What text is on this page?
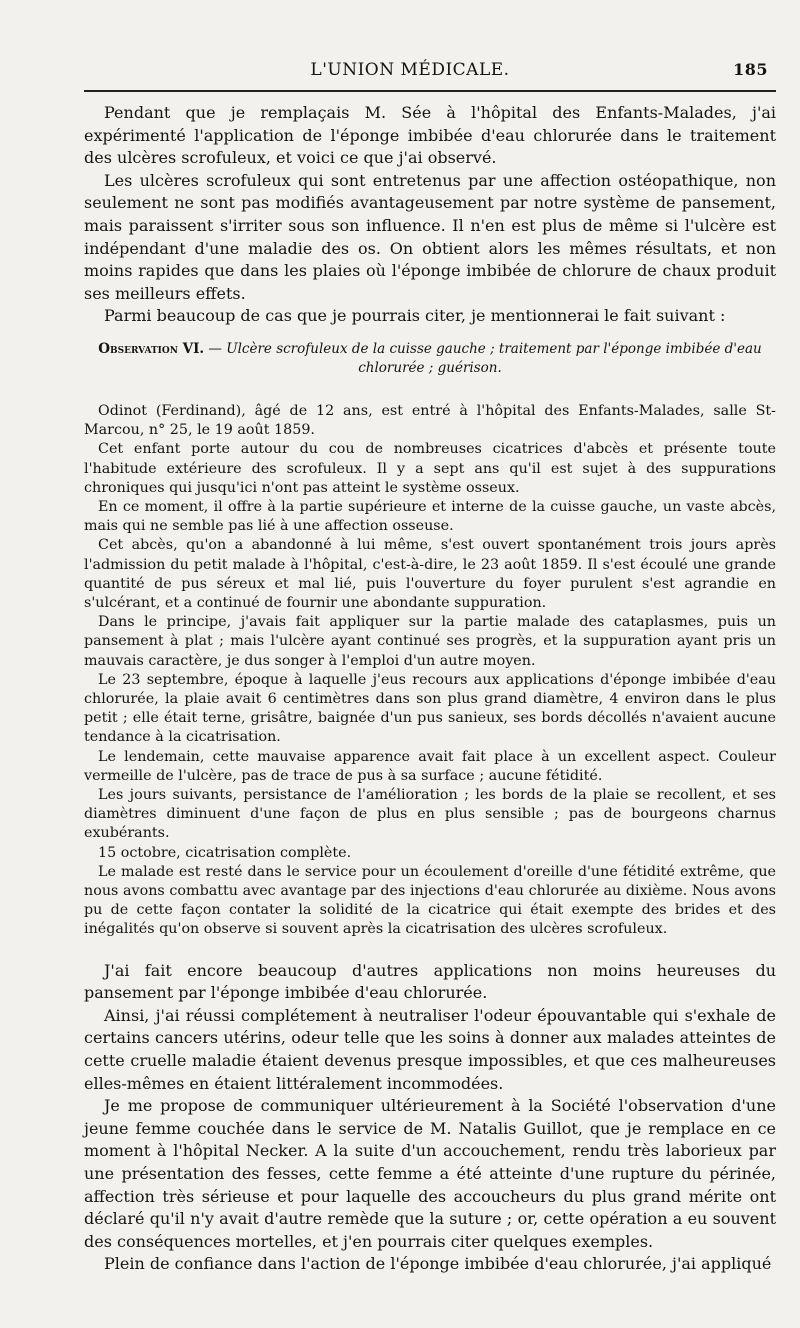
L'UNION MÉDICALE.	185

Pendant que je remplaçais M. Sée à l'hôpital des Enfants-Malades, j'ai expérimenté l'application de l'éponge imbibée d'eau chlorurée dans le traitement des ulcères scrofuleux, et voici ce que j'ai observé.

Les ulcères scrofuleux qui sont entretenus par une affection ostéopathique, non seulement ne sont pas modifiés avantageusement par notre système de pansement, mais paraissent s'irriter sous son influence. Il n'en est plus de même si l'ulcère est indépendant d'une maladie des os. On obtient alors les mêmes résultats, et non moins rapides que dans les plaies où l'éponge imbibée de chlorure de chaux produit ses meilleurs effets.

Parmi beaucoup de cas que je pourrais citer, je mentionnerai le fait suivant :

Observation VI. — Ulcère scrofuleux de la cuisse gauche ; traitement par l'éponge imbibée d'eau chlorurée ; guérison.

Odinot (Ferdinand), âgé de 12 ans, est entré à l'hôpital des Enfants-Malades, salle St-Marcou, n° 25, le 19 août 1859.

Cet enfant porte autour du cou de nombreuses cicatrices d'abcès et présente toute l'habitude extérieure des scrofuleux. Il y a sept ans qu'il est sujet à des suppurations chroniques qui jusqu'ici n'ont pas atteint le système osseux.

En ce moment, il offre à la partie supérieure et interne de la cuisse gauche, un vaste abcès, mais qui ne semble pas lié à une affection osseuse.

Cet abcès, qu'on a abandonné à lui même, s'est ouvert spontanément trois jours après l'admission du petit malade à l'hôpital, c'est-à-dire, le 23 août 1859. Il s'est écoulé une grande quantité de pus séreux et mal lié, puis l'ouverture du foyer purulent s'est agrandie en s'ulcérant, et a continué de fournir une abondante suppuration.

Dans le principe, j'avais fait appliquer sur la partie malade des cataplasmes, puis un pansement à plat ; mais l'ulcère ayant continué ses progrès, et la suppuration ayant pris un mauvais caractère, je dus songer à l'emploi d'un autre moyen.

Le 23 septembre, époque à laquelle j'eus recours aux applications d'éponge imbibée d'eau chlorurée, la plaie avait 6 centimètres dans son plus grand diamètre, 4 environ dans le plus petit ; elle était terne, grisâtre, baignée d'un pus sanieux, ses bords décollés n'avaient aucune tendance à la cicatrisation.

Le lendemain, cette mauvaise apparence avait fait place à un excellent aspect. Couleur vermeille de l'ulcère, pas de trace de pus à sa surface ; aucune fétidité.

Les jours suivants, persistance de l'amélioration ; les bords de la plaie se recollent, et ses diamètres diminuent d'une façon de plus en plus sensible ; pas de bourgeons charnus exubérants.

15 octobre, cicatrisation complète.

Le malade est resté dans le service pour un écoulement d'oreille d'une fétidité extrême, que nous avons combattu avec avantage par des injections d'eau chlorurée au dixième. Nous avons pu de cette façon contater la solidité de la cicatrice qui était exempte des brides et des inégalités qu'on observe si souvent après la cicatrisation des ulcères scrofuleux.

J'ai fait encore beaucoup d'autres applications non moins heureuses du pansement par l'éponge imbibée d'eau chlorurée.

Ainsi, j'ai réussi complétement à neutraliser l'odeur épouvantable qui s'exhale de certains cancers utérins, odeur telle que les soins à donner aux malades atteintes de cette cruelle maladie étaient devenus presque impossibles, et que ces malheureuses elles-mêmes en étaient littéralement incommodées.

Je me propose de communiquer ultérieurement à la Société l'observation d'une jeune femme couchée dans le service de M. Natalis Guillot, que je remplace en ce moment à l'hôpital Necker. A la suite d'un accouchement, rendu très laborieux par une présentation des fesses, cette femme a été atteinte d'une rupture du périnée, affection très sérieuse et pour laquelle des accoucheurs du plus grand mérite ont déclaré qu'il n'y avait d'autre remède que la suture ; or, cette opération a eu souvent des conséquences mortelles, et j'en pourrais citer quelques exemples.

Plein de confiance dans l'action de l'éponge imbibée d'eau chlorurée, j'ai appliqué
